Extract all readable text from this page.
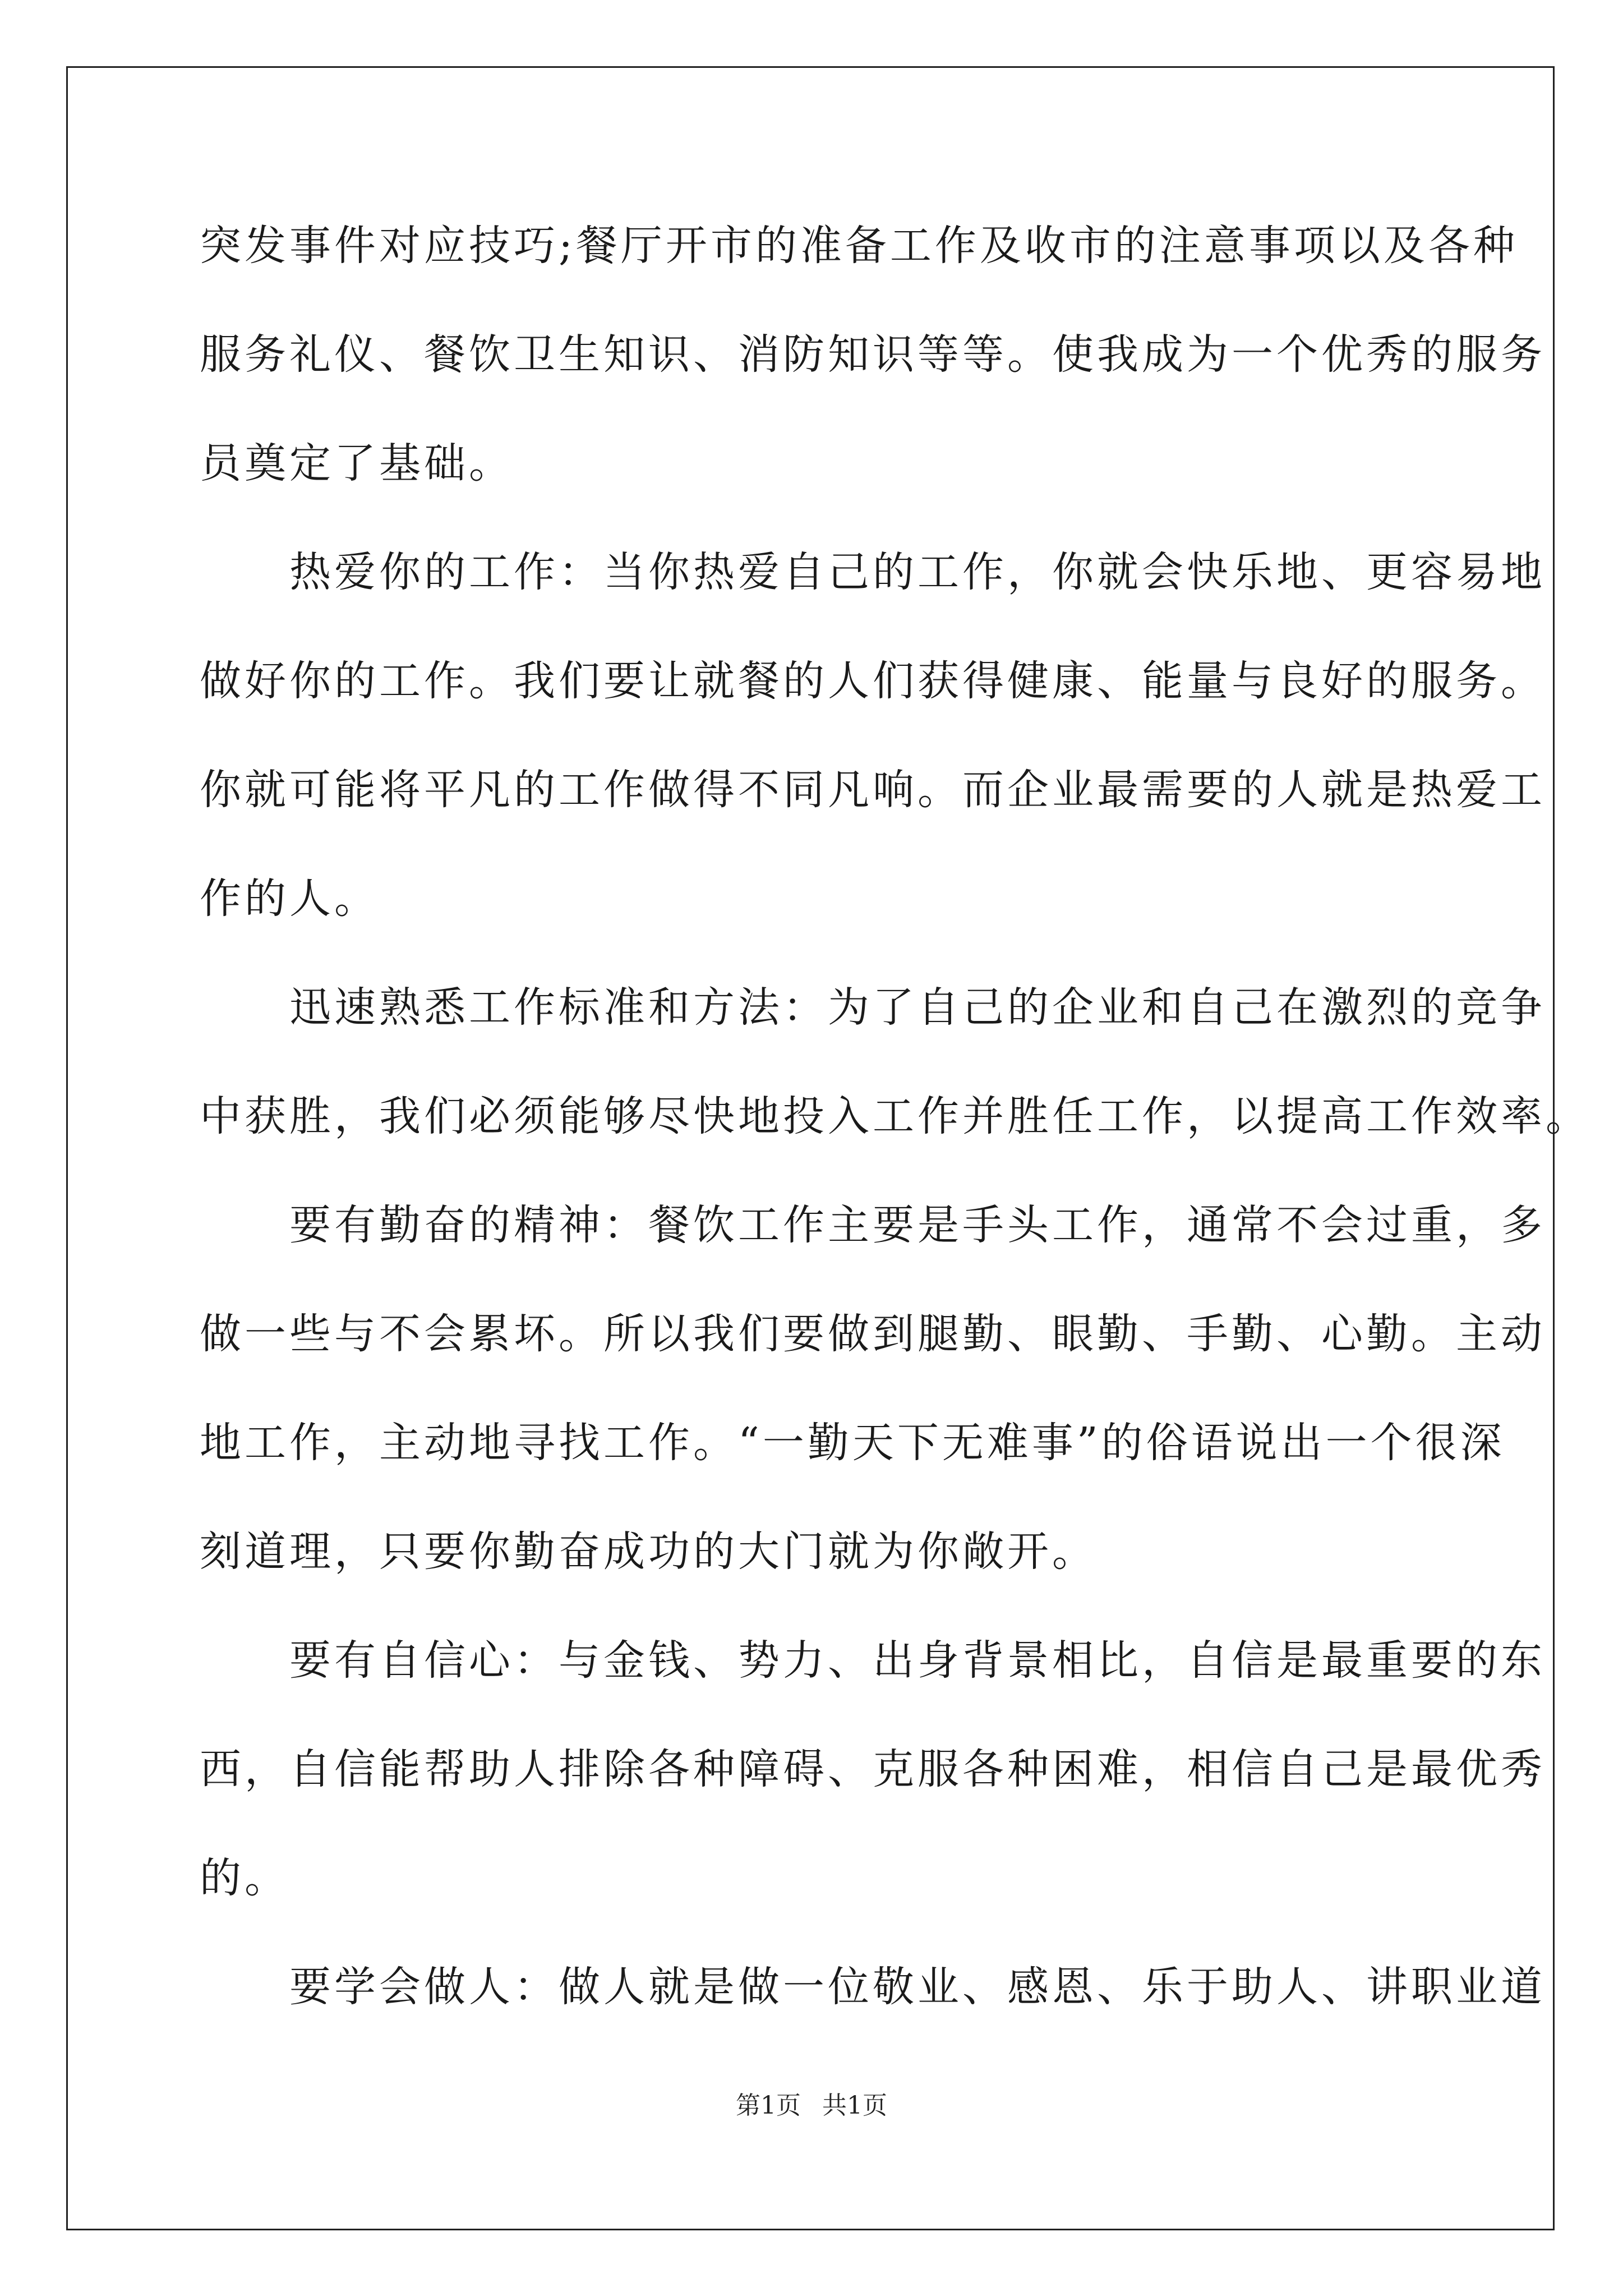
突发事件对应技巧;餐厅开市的准备工作及收市的注意事项以及各种
服务礼仪、餐饮卫生知识、消防知识等等。使我成为一个优秀的服务
员奠定了基础。
　　热爱你的工作：当你热爱自己的工作，你就会快乐地、更容易地
做好你的工作。我们要让就餐的人们获得健康、能量与良好的服务。
你就可能将平凡的工作做得不同凡响。而企业最需要的人就是热爱工
作的人。
　　迅速熟悉工作标准和方法：为了自己的企业和自己在激烈的竞争
中获胜，我们必须能够尽快地投入工作并胜任工作，以提高工作效率。
　　要有勤奋的精神：餐饮工作主要是手头工作，通常不会过重，多
做一些与不会累坏。所以我们要做到腿勤、眼勤、手勤、心勤。主动
地工作，主动地寻找工作。“一勤天下无难事”的俗语说出一个很深
刻道理，只要你勤奋成功的大门就为你敞开。
　　要有自信心：与金钱、势力、出身背景相比，自信是最重要的东
西，自信能帮助人排除各种障碍、克服各种困难，相信自己是最优秀
的。
　　要学会做人：做人就是做一位敬业、感恩、乐于助人、讲职业道
第1页 共1页
